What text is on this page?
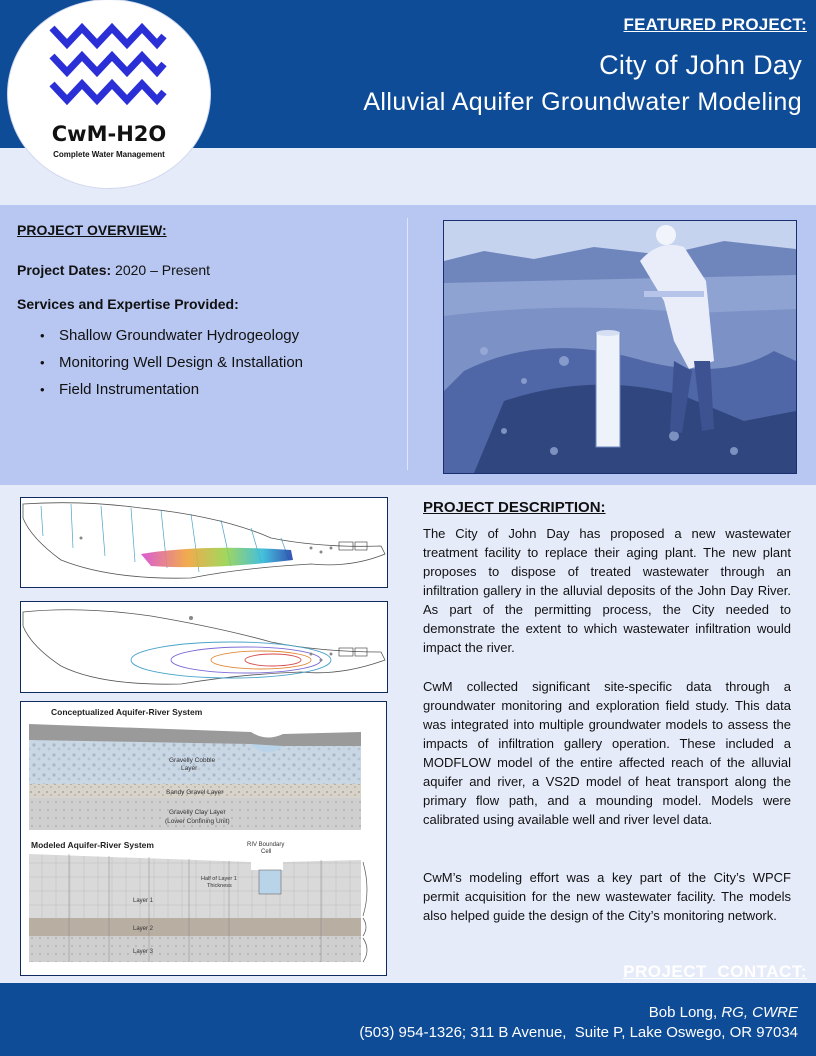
FEATURED PROJECT:
City of John Day
Alluvial Aquifer Groundwater Modeling
CwM-H2O
Complete Water Management
PROJECT OVERVIEW:
Project Dates: 2020 – Present
Services and Expertise Provided:
• Shallow Groundwater Hydrogeology
• Monitoring Well Design & Installation
• Field Instrumentation
Conceptualized Aquifer-River System
Gravelly Cobble
Layer
Sandy Gravel Layer
Gravelly Clay Layer
(Lower Confining Unit)
Modeled Aquifer-River System	RIV Boundary
Cell
Half of Layer 1
Thickness
Layer 1
Layer 2
Layer 3
PROJECT DESCRIPTION:

The City of John Day has proposed a new wastewater treatment facility to replace their aging plant. The new plant proposes to dispose of treated wastewater through an infiltration gallery in the alluvial deposits of the John Day River. As part of the permitting process, the City needed to demonstrate the extent to which wastewater infiltration would impact the river.

CwM collected significant site-specific data through a groundwater monitoring and exploration field study. This data was integrated into multiple groundwater models to assess the impacts of infiltration gallery operation. These included a MODFLOW model of the entire affected reach of the alluvial aquifer and river, a VS2D model of heat transport along the primary flow path, and a mounding model. Models were calibrated using available well and river level data.

CwM’s modeling effort was a key part of the City’s WPCF permit acquisition for the new wastewater facility. The models also helped guide the design of the City’s monitoring network.

PROJECT  CONTACT:
Bob Long, RG, CWRE
(503) 954-1326; 311 B Avenue,  Suite P, Lake Oswego, OR 97034
